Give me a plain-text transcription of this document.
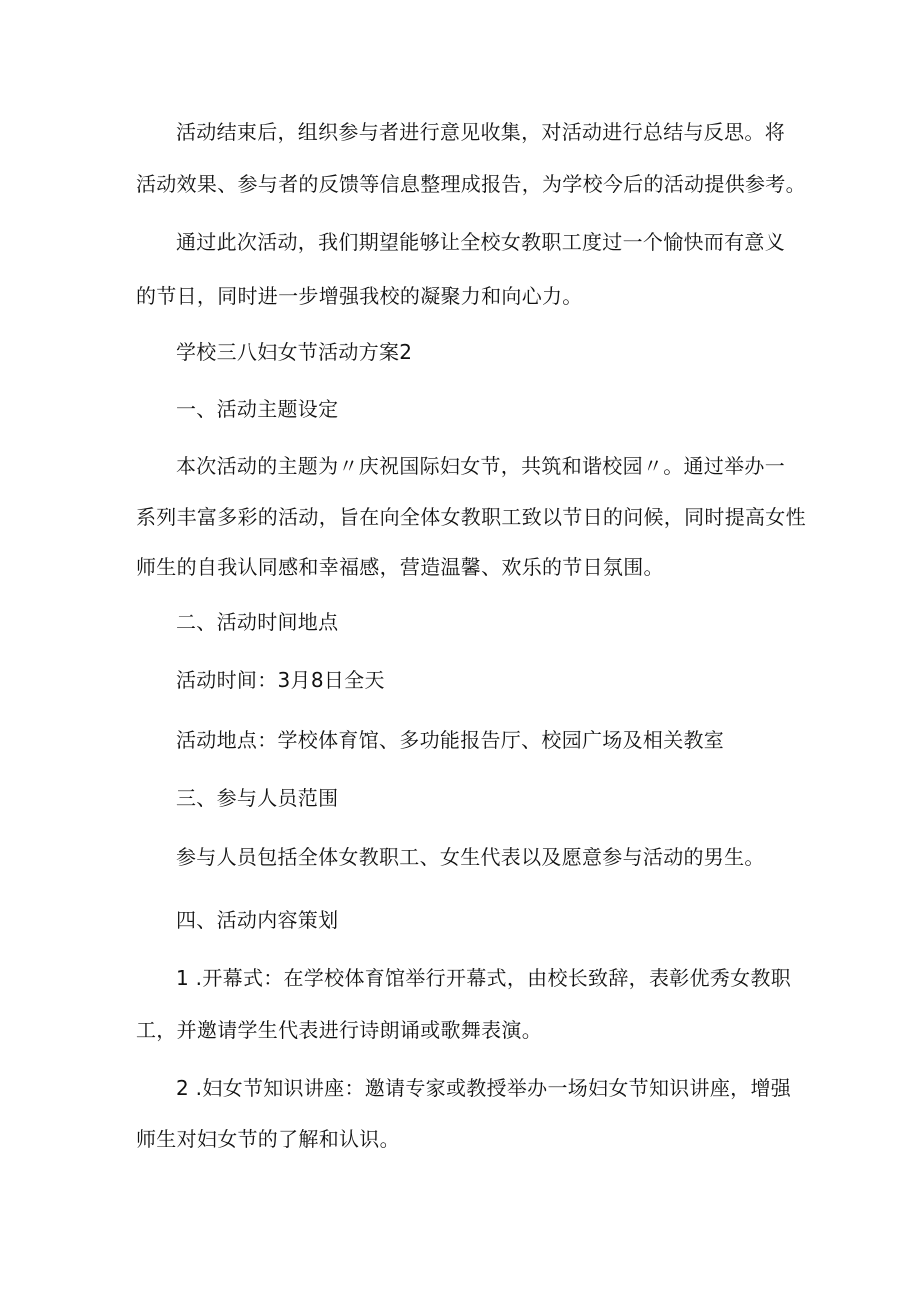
活动结束后，组织参与者进行意见收集，对活动进行总结与反思。将
活动效果、参与者的反馈等信息整理成报告，为学校今后的活动提供参考。
通过此次活动，我们期望能够让全校女教职工度过一个愉快而有意义
的节日，同时进一步增强我校的凝聚力和向心力。
学校三八妇女节活动方案2
一、活动主题设定
本次活动的主题为〃庆祝国际妇女节，共筑和谐校园〃。通过举办一
系列丰富多彩的活动，旨在向全体女教职工致以节日的问候，同时提高女性
师生的自我认同感和幸福感，营造温馨、欢乐的节日氛围。
二、活动时间地点
活动时间：3月8日全天
活动地点：学校体育馆、多功能报告厅、校园广场及相关教室
三、参与人员范围
参与人员包括全体女教职工、女生代表以及愿意参与活动的男生。
四、活动内容策划
1 .开幕式：在学校体育馆举行开幕式，由校长致辞，表彰优秀女教职
工，并邀请学生代表进行诗朗诵或歌舞表演。
2 .妇女节知识讲座：邀请专家或教授举办一场妇女节知识讲座，增强
师生对妇女节的了解和认识。
